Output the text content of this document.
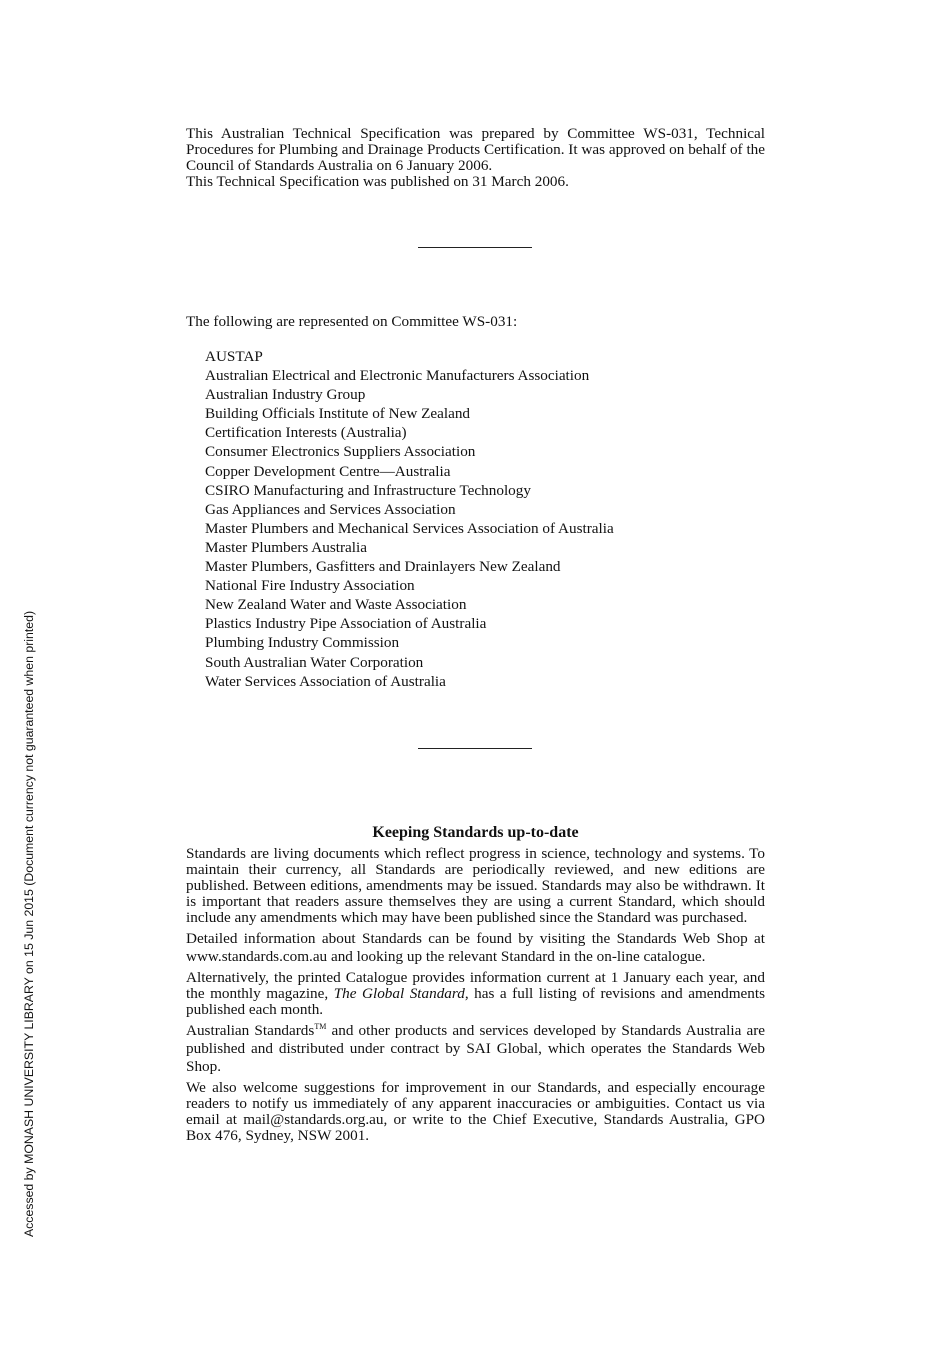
This Australian Technical Specification was prepared by Committee WS-031, Technical Procedures for Plumbing and Drainage Products Certification. It was approved on behalf of the Council of Standards Australia on 6 January 2006.

This Technical Specification was published on 31 March 2006.

The following are represented on Committee WS-031:

AUSTAP
Australian Electrical and Electronic Manufacturers Association
Australian Industry Group
Building Officials Institute of New Zealand
Certification Interests (Australia)
Consumer Electronics Suppliers Association
Copper Development Centre—Australia
CSIRO Manufacturing and Infrastructure Technology
Gas Appliances and Services Association
Master Plumbers and Mechanical Services Association of Australia
Master Plumbers Australia
Master Plumbers, Gasfitters and Drainlayers New Zealand
National Fire Industry Association
New Zealand Water and Waste Association
Plastics Industry Pipe Association of Australia
Plumbing Industry Commission
South Australian Water Corporation
Water Services Association of Australia
Keeping Standards up-to-date

Standards are living documents which reflect progress in science, technology and systems. To maintain their currency, all Standards are periodically reviewed, and new editions are published. Between editions, amendments may be issued. Standards may also be withdrawn. It is important that readers assure themselves they are using a current Standard, which should include any amendments which may have been published since the Standard was purchased.

Detailed information about Standards can be found by visiting the Standards Web Shop at www.standards.com.au and looking up the relevant Standard in the on-line catalogue.

Alternatively, the printed Catalogue provides information current at 1 January each year, and the monthly magazine, The Global Standard, has a full listing of revisions and amendments published each month.

Australian Standards™ and other products and services developed by Standards Australia are published and distributed under contract by SAI Global, which operates the Standards Web Shop.

We also welcome suggestions for improvement in our Standards, and especially encourage readers to notify us immediately of any apparent inaccuracies or ambiguities. Contact us via email at mail@standards.org.au, or write to the Chief Executive, Standards Australia, GPO Box 476, Sydney, NSW 2001.

Accessed by MONASH UNIVERSITY LIBRARY on 15 Jun 2015 (Document currency not guaranteed when printed)
